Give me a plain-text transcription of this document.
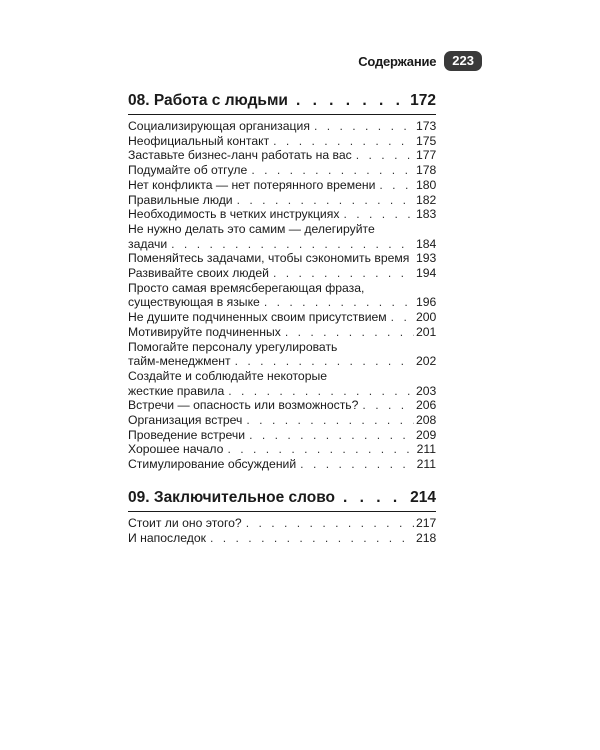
Содержание	223
08. Работа с людьми . . .	172
Социализирующая организация . . .	173
Неофициальный контакт . . .	175
Заставьте бизнес-ланч работать на вас . . .	177
Подумайте об отгуле . . .	178
Нет конфликта — нет потерянного времени . . .	180
Правильные люди . . .	182
Необходимость в четких инструкциях . . .	183
Не нужно делать это самим — делегируйте
задачи . . .	184
Поменяйтесь задачами, чтобы сэкономить время . . . 193
Развивайте своих людей . . .	194
Просто самая времясберегающая фраза,
существующая в языке . . .	196
Не душите подчиненных своим присутствием . . . 200
Мотивируйте подчиненных . . .	201
Помогайте персоналу урегулировать
тайм-менеджмент . . .	202
Создайте и соблюдайте некоторые
жесткие правила . . .	203
Встречи — опасность или возможность? . . .	206
Организация встреч . . .	208
Проведение встречи . . .	209
Хорошее начало . . .	211
Стимулирование обсуждений . . .	211
09. Заключительное слово . . .	214
Стоит ли оно этого? . . .	217
И напоследок . . .	218
